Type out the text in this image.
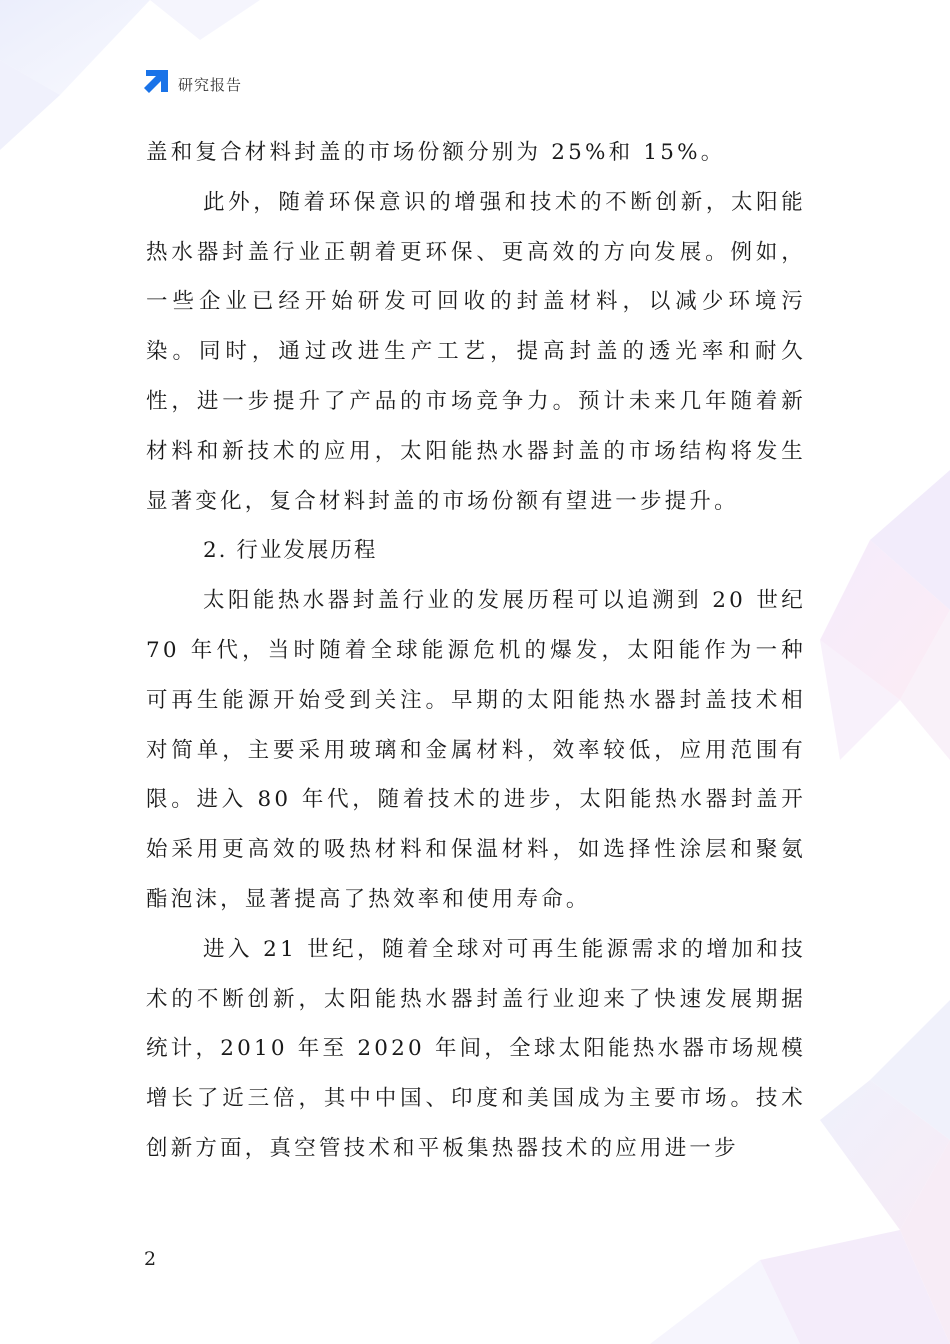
研究报告

盖和复合材料封盖的市场份额分别为 25%和 15%。

此外，随着环保意识的增强和技术的不断创新，太阳能热水器封盖行业正朝着更环保、更高效的方向发展。例如，一些企业已经开始研发可回收的封盖材料，以减少环境污染。同时，通过改进生产工艺，提高封盖的透光率和耐久性，进一步提升了产品的市场竞争力。预计未来几年随着新材料和新技术的应用，太阳能热水器封盖的市场结构将发生显著变化，复合材料封盖的市场份额有望进一步提升。

2. 行业发展历程

太阳能热水器封盖行业的发展历程可以追溯到 20 世纪 70 年代，当时随着全球能源危机的爆发，太阳能作为一种可再生能源开始受到关注。早期的太阳能热水器封盖技术相对简单，主要采用玻璃和金属材料，效率较低，应用范围有限。进入 80 年代，随着技术的进步，太阳能热水器封盖开始采用更高效的吸热材料和保温材料，如选择性涂层和聚氨酯泡沫，显著提高了热效率和使用寿命。

进入 21 世纪，随着全球对可再生能源需求的增加和技术的不断创新，太阳能热水器封盖行业迎来了快速发展期据统计，2010 年至 2020 年间，全球太阳能热水器市场规模增长了近三倍，其中中国、印度和美国成为主要市场。技术创新方面，真空管技术和平板集热器技术的应用进一步

2
